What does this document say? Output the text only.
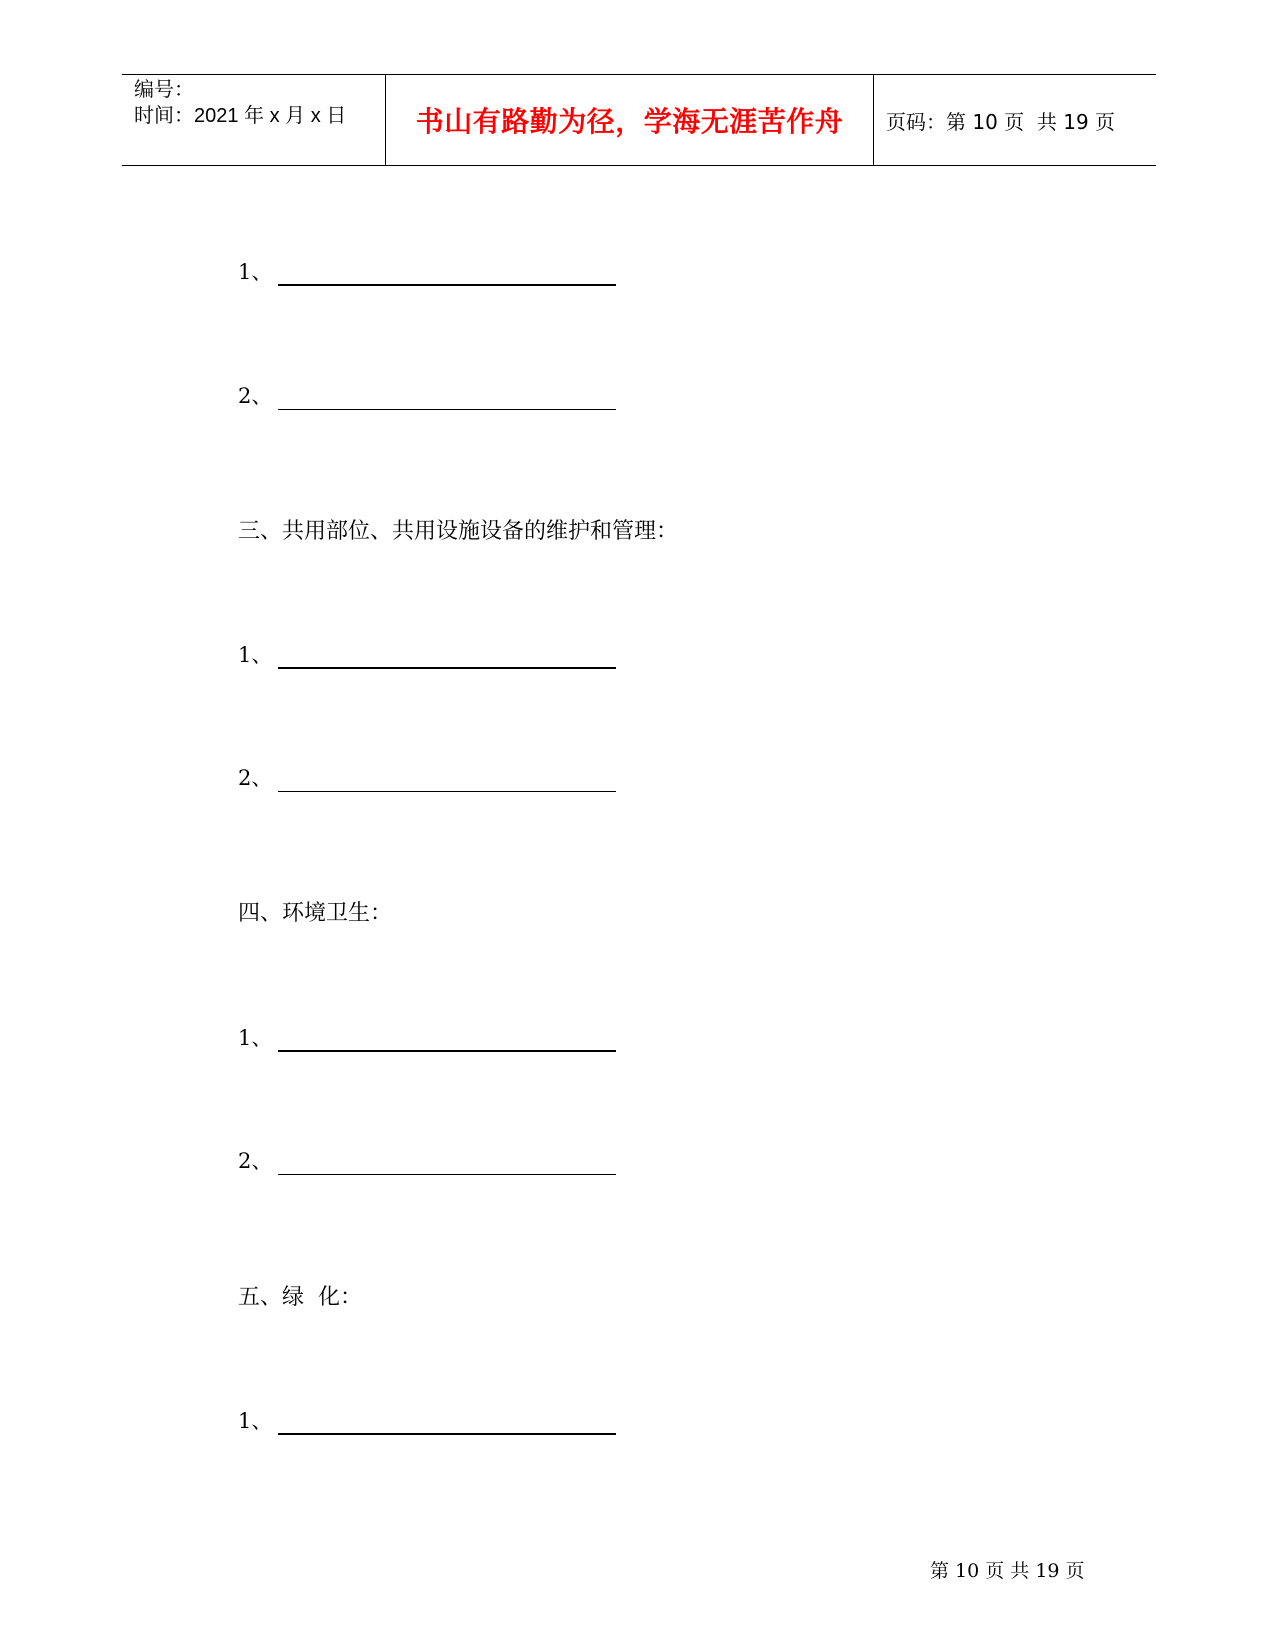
编号：
时间：2021 年 x 月 x 日	书山有路勤为径，学海无涯苦作舟 页码：第 10 页  共 19 页
1、
2、
三、共用部位、共用设施设备的维护和管理：
1、
2、
四、环境卫生：
1、
2、
五、绿  化：
1、
第 10 页 共 19 页
